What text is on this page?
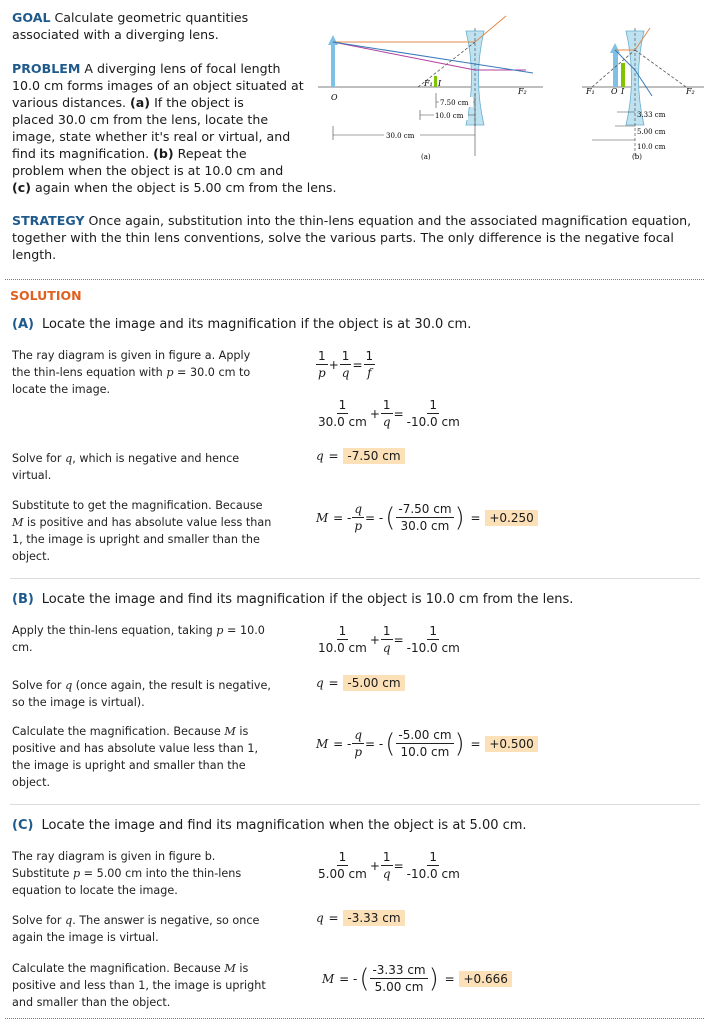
GOAL Calculate geometric quantities associated with a diverging lens.
PROBLEM A diverging lens of focal length
10.0 cm forms images of an object situated at
various distances. (a) If the object is
placed 30.0 cm from the lens, locate the
image, state whether it's real or virtual, and
find its magnification. (b) Repeat the
problem when the object is at 10.0 cm and
(c) again when the object is 5.00 cm from the lens.
O
F₁ I
F₂
7.50 cm
10.0 cm
30.0 cm
(a)
F₁ O I	F₂
3.33 cm
5.00 cm
10.0 cm
(b)
STRATEGY Once again, substitution into the thin-lens equation and the associated magnification equation, together with the thin lens conventions, solve the various parts. The only difference is the negative focal length.
SOLUTION
(A) Locate the image and its magnification if the object is at 30.0 cm.
The ray diagram is given in figure a. Apply the thin-lens equation with p = 30.0 cm to locate the image.
$\frac{1}{p} + \frac{1}{q} = \frac{1}{f}$
$\frac{1}{30.0 cm} + \frac{1}{q} = \frac{1}{-10.0 cm}$
Solve for q, which is negative and hence virtual.
q = -7.50 cm
Substitute to get the magnification. Because M is positive and has absolute value less than 1, the image is upright and smaller than the object.
M = - $\frac{q}{p}$ = - ( $\frac{-7.50 cm}{30.0 cm}$ ) = +0.250
(B) Locate the image and find its magnification if the object is 10.0 cm from the lens.
Apply the thin-lens equation, taking p = 10.0 cm.	$\frac{1}{10.0 cm} + \frac{1}{q} = \frac{1}{-10.0 cm}$
Solve for q (once again, the result is negative, so the image is virtual).
q = -5.00 cm
Calculate the magnification. Because M is positive and has absolute value less than 1, the image is upright and smaller than the object.
M = - $\frac{q}{p}$ = - ( $\frac{-5.00 cm}{10.0 cm}$ ) = +0.500
(C) Locate the image and find its magnification when the object is at 5.00 cm.
The ray diagram is given in figure b. Substitute p = 5.00 cm into the thin-lens equation to locate the image.
$\frac{1}{5.00 cm} + \frac{1}{q} = \frac{1}{-10.0 cm}$
Solve for q. The answer is negative, so once again the image is virtual.
q = -3.33 cm
Calculate the magnification. Because M is positive and less than 1, the image is upright and smaller than the object.
M = - ( $\frac{-3.33 cm}{5.00 cm}$ ) = +0.666
